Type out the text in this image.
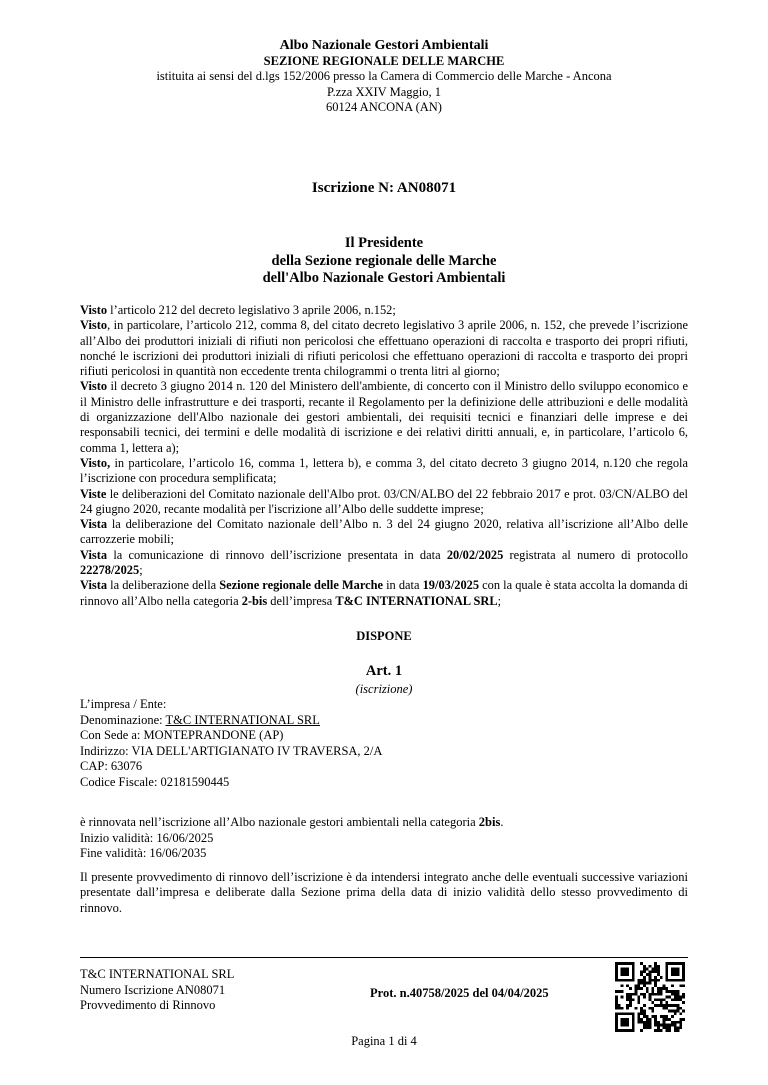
Albo Nazionale Gestori Ambientali
SEZIONE REGIONALE DELLE MARCHE
istituita ai sensi del d.lgs 152/2006 presso la Camera di Commercio delle Marche - Ancona
P.zza XXIV Maggio, 1
60124 ANCONA (AN)
Iscrizione N: AN08071
Il Presidente
della Sezione regionale delle Marche
dell'Albo Nazionale Gestori Ambientali

Visto l’articolo 212 del decreto legislativo 3 aprile 2006, n.152;

Visto, in particolare, l’articolo 212, comma 8, del citato decreto legislativo 3 aprile 2006, n. 152, che prevede l’iscrizione all’Albo dei produttori iniziali di rifiuti non pericolosi che effettuano operazioni di raccolta e trasporto dei propri rifiuti, nonché le iscrizioni dei produttori iniziali di rifiuti pericolosi che effettuano operazioni di raccolta e trasporto dei propri rifiuti pericolosi in quantità non eccedente trenta chilogrammi o trenta litri al giorno;

Visto il decreto 3 giugno 2014 n. 120 del Ministero dell'ambiente, di concerto con il Ministro dello sviluppo economico e il Ministro delle infrastrutture e dei trasporti, recante il Regolamento per la definizione delle attribuzioni e delle modalità di organizzazione dell'Albo nazionale dei gestori ambientali, dei requisiti tecnici e finanziari delle imprese e dei responsabili tecnici, dei termini e delle modalità di iscrizione e dei relativi diritti annuali, e, in particolare, l’articolo 6, comma 1, lettera a);

Visto, in particolare, l’articolo 16, comma 1, lettera b), e comma 3, del citato decreto 3 giugno 2014, n.120 che regola l’iscrizione con procedura semplificata;

Viste le deliberazioni del Comitato nazionale dell'Albo prot. 03/CN/ALBO del 22 febbraio 2017 e prot. 03/CN/ALBO del 24 giugno 2020, recante modalità per l'iscrizione all’Albo delle suddette imprese;

Vista la deliberazione del Comitato nazionale dell’Albo n. 3 del 24 giugno 2020, relativa all’iscrizione all’Albo delle carrozzerie mobili;

Vista la comunicazione di rinnovo dell’iscrizione presentata in data 20/02/2025 registrata al numero di protocollo 22278/2025;

Vista la deliberazione della Sezione regionale delle Marche in data 19/03/2025 con la quale è stata accolta la domanda di rinnovo all’Albo nella categoria 2-bis dell’impresa T&C INTERNATIONAL SRL;

DISPONE
Art. 1
(iscrizione)
L’impresa / Ente:
Denominazione: T&C INTERNATIONAL SRL
Con Sede a: MONTEPRANDONE (AP)
Indirizzo: VIA DELL'ARTIGIANATO IV TRAVERSA, 2/A
CAP: 63076
Codice Fiscale: 02181590445
è rinnovata nell’iscrizione all’Albo nazionale gestori ambientali nella categoria 2bis.
Inizio validità: 16/06/2025
Fine validità: 16/06/2035
Il presente provvedimento di rinnovo dell’iscrizione è da intendersi integrato anche delle eventuali successive variazioni presentate dall’impresa e deliberate dalla Sezione prima della data di inizio validità dello stesso provvedimento di rinnovo.
T&C INTERNATIONAL SRL
Numero Iscrizione AN08071
Provvedimento di Rinnovo
Prot. n.40758/2025 del 04/04/2025
Pagina 1 di 4
